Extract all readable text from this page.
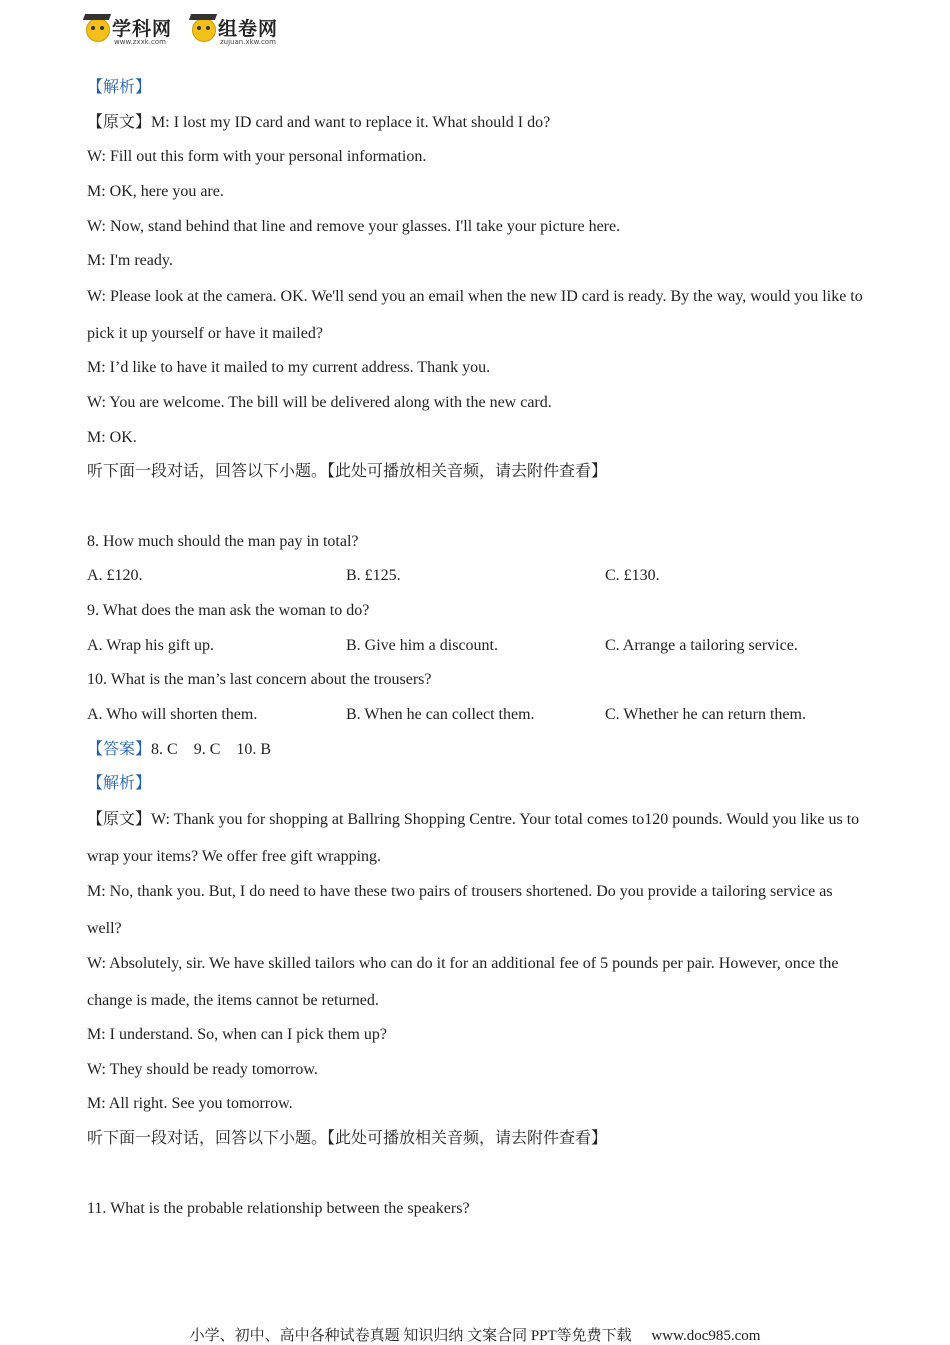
学科网
www.zxxk.com
组卷网
zujuan.xkw.com
【解析】
【原文】M: I lost my ID card and want to replace it. What should I do?
W: Fill out this form with your personal information.
M: OK, here you are.
W: Now, stand behind that line and remove your glasses. I'll take your picture here.
M: I'm ready.
W: Please look at the camera. OK. We'll send you an email when the new ID card is ready. By the way, would you like to pick it up yourself or have it mailed?
M: I’d like to have it mailed to my current address. Thank you.
W: You are welcome. The bill will be delivered along with the new card.
M: OK.
听下面一段对话，回答以下小题。【此处可播放相关音频，请去附件查看】
8. How much should the man pay in total?
A. £120.	B. £125.	C. £130.
9. What does the man ask the woman to do?
A. Wrap his gift up.	B. Give him a discount.	C. Arrange a tailoring service.
10. What is the man’s last concern about the trousers?
A. Who will shorten them.	B. When he can collect them.	C. Whether he can return them.
【答案】8. C    9. C    10. B
【解析】
【原文】W: Thank you for shopping at Ballring Shopping Centre. Your total comes to120 pounds. Would you like us to wrap your items? We offer free gift wrapping.
M: No, thank you. But, I do need to have these two pairs of trousers shortened. Do you provide a tailoring service as well?
W: Absolutely, sir. We have skilled tailors who can do it for an additional fee of 5 pounds per pair. However, once the change is made, the items cannot be returned.
M: I understand. So, when can I pick them up?
W: They should be ready tomorrow.
M: All right. See you tomorrow.
听下面一段对话，回答以下小题。【此处可播放相关音频，请去附件查看】
11. What is the probable relationship between the speakers?
小学、初中、高中各种试卷真题 知识归纳 文案合同 PPT等免费下载 www.doc985.com
